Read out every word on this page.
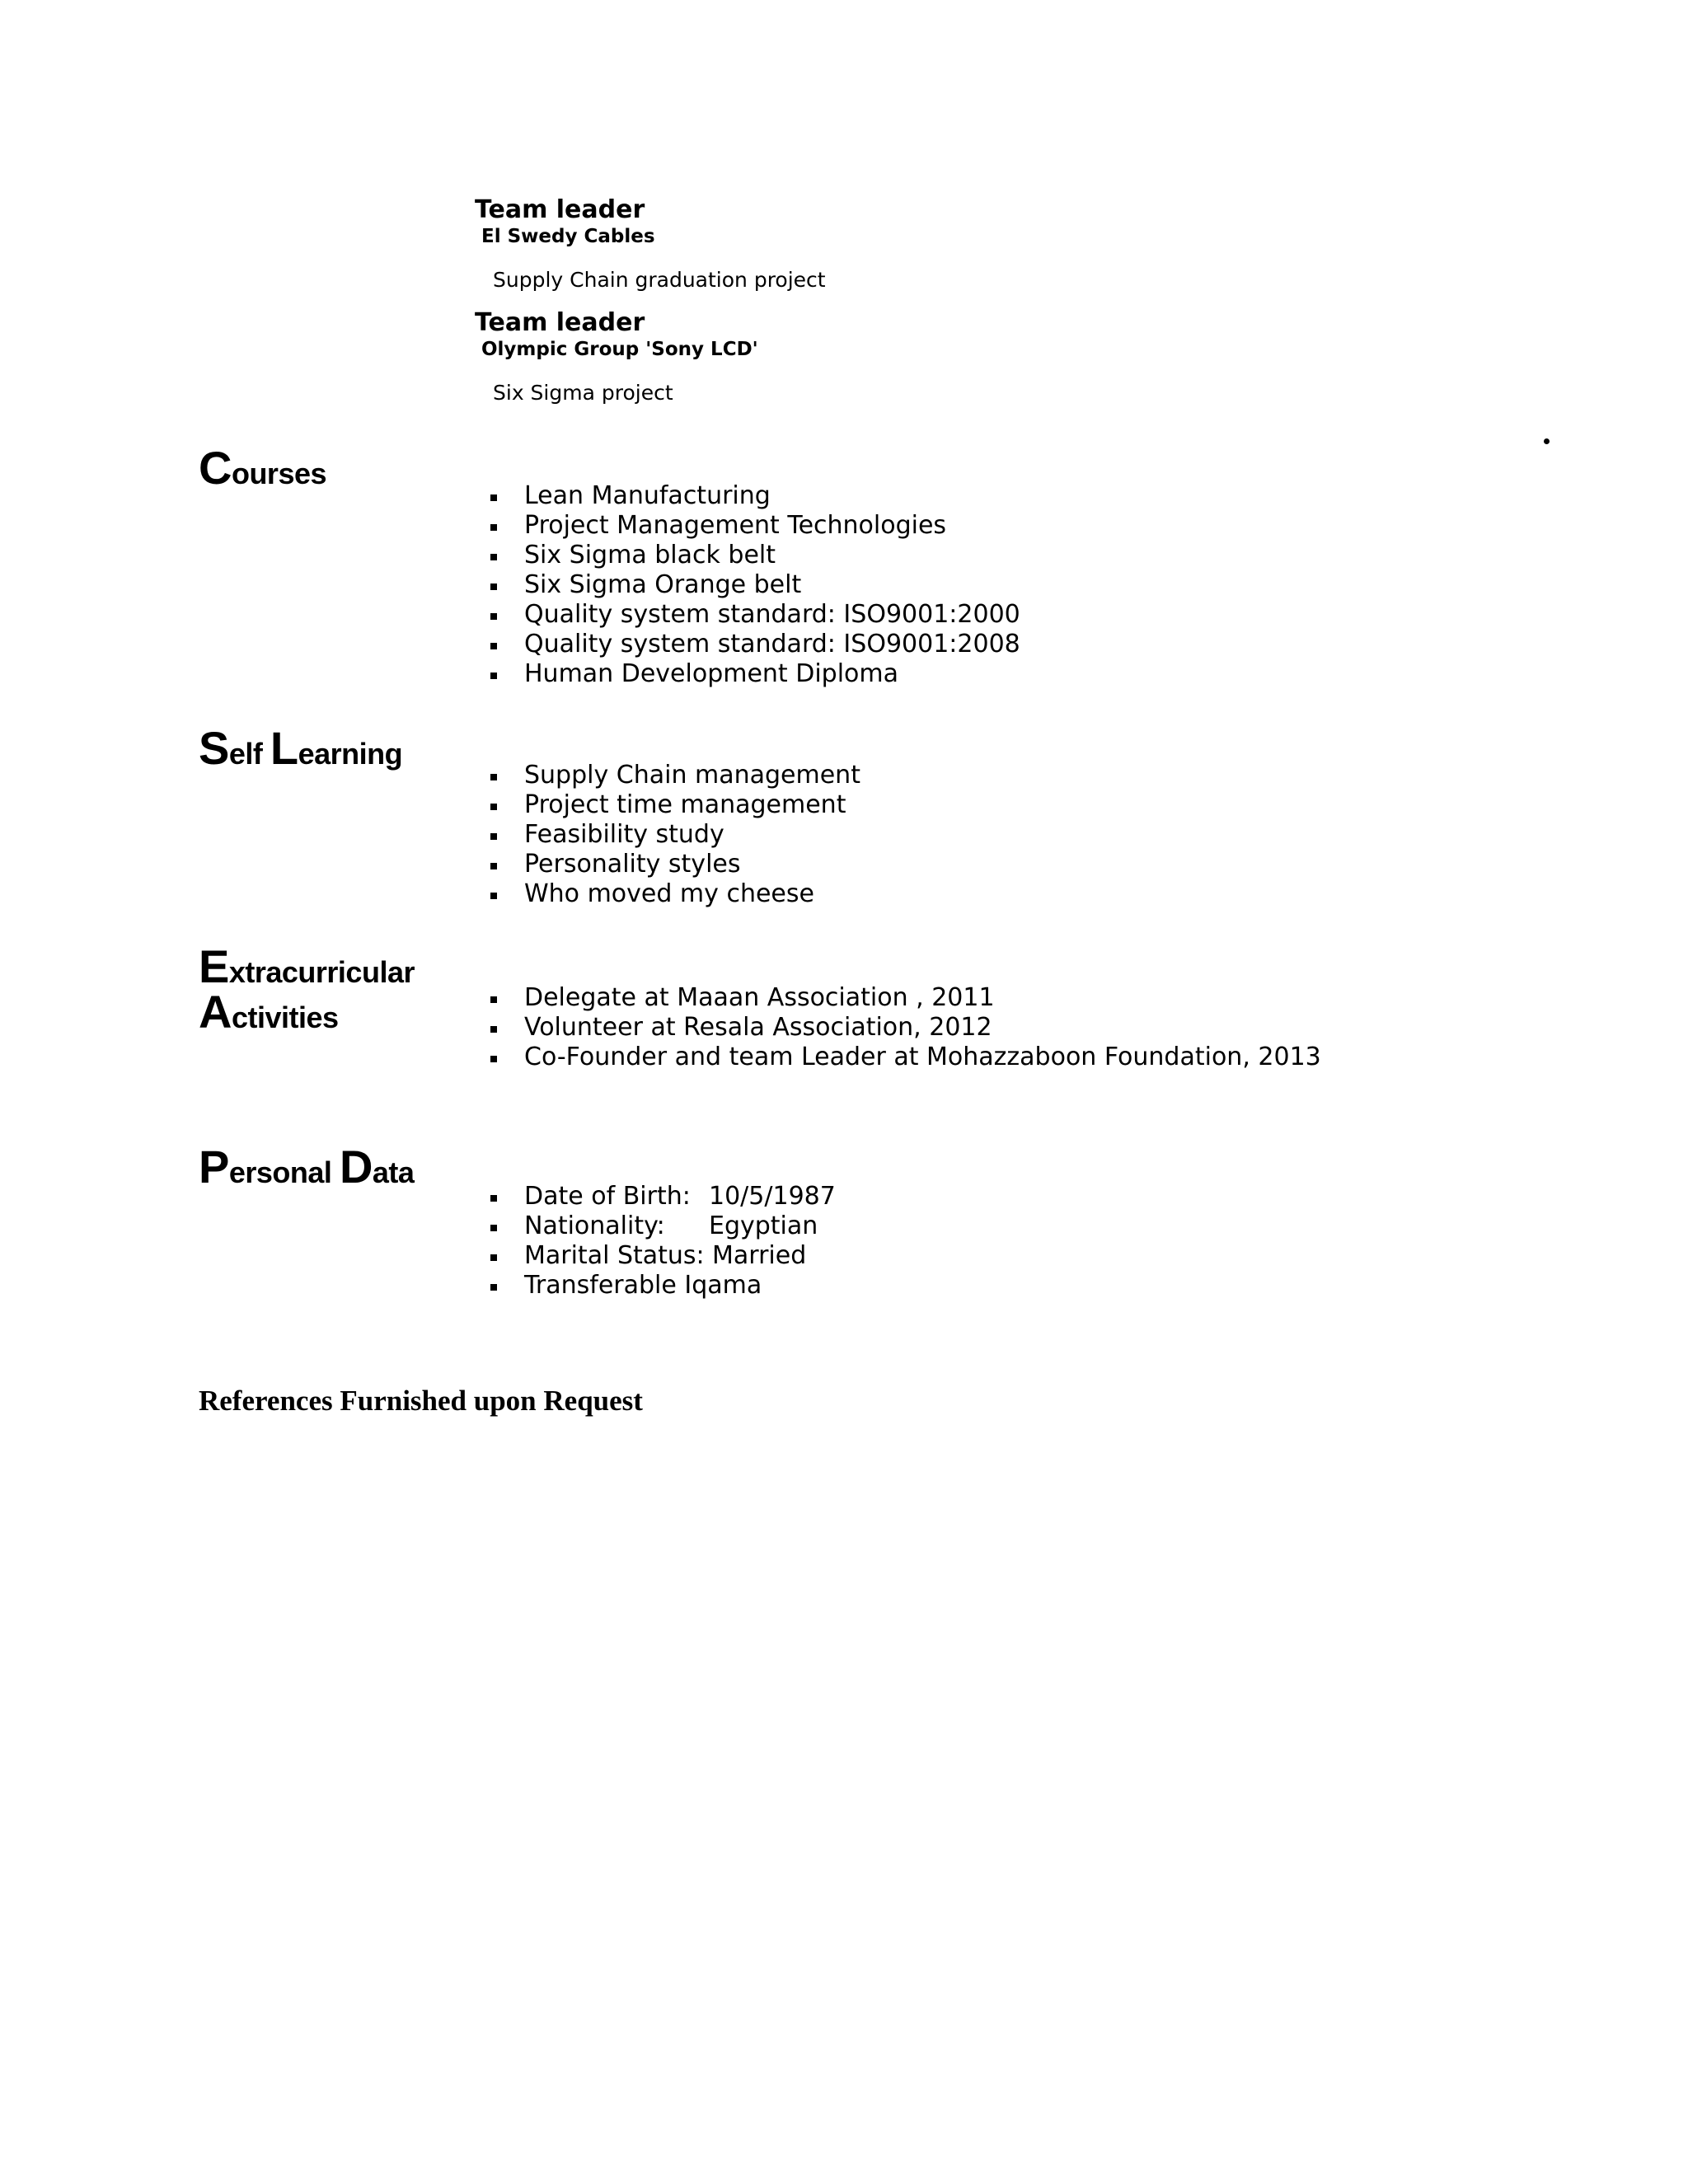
Team leader
El Swedy Cables
Supply Chain graduation project
Team leader
Olympic Group 'Sony LCD'
Six Sigma project
Courses
Lean Manufacturing
Project Management Technologies
Six Sigma black belt
Six Sigma Orange belt
Quality system standard: ISO9001:2000
Quality system standard: ISO9001:2008
Human Development Diploma
Self Learning
Supply Chain management
Project time management
Feasibility study
Personality styles
Who moved my cheese
Extracurricular
Activities
Delegate at Maaan Association , 2011
Volunteer at Resala Association, 2012
Co-Founder and team Leader at Mohazzaboon Foundation, 2013
Personal Data
Date of Birth: 10/5/1987
Nationality: Egyptian
Marital Status: Married
Transferable Iqama
References Furnished upon Request
